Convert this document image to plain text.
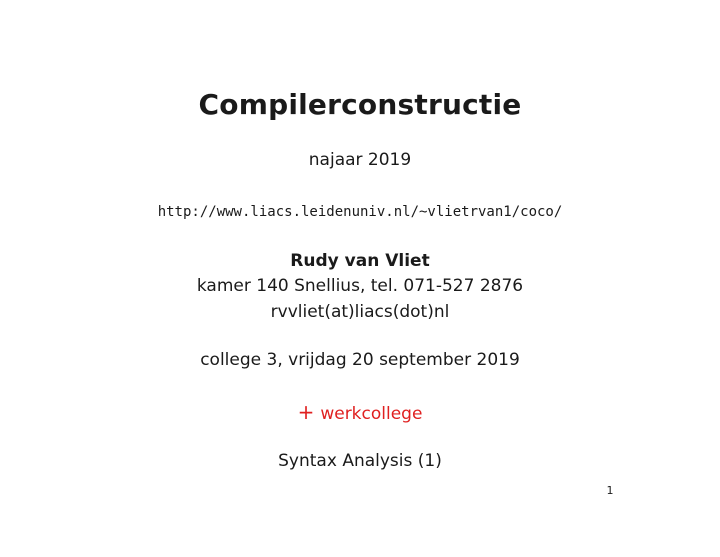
Compilerconstructie
najaar 2019
http://www.liacs.leidenuniv.nl/~vlietrvan1/coco/
Rudy van Vliet
kamer 140 Snellius, tel. 071-527 2876
rvvliet(at)liacs(dot)nl
college 3, vrijdag 20 september 2019
+ werkcollege
Syntax Analysis (1)
1
